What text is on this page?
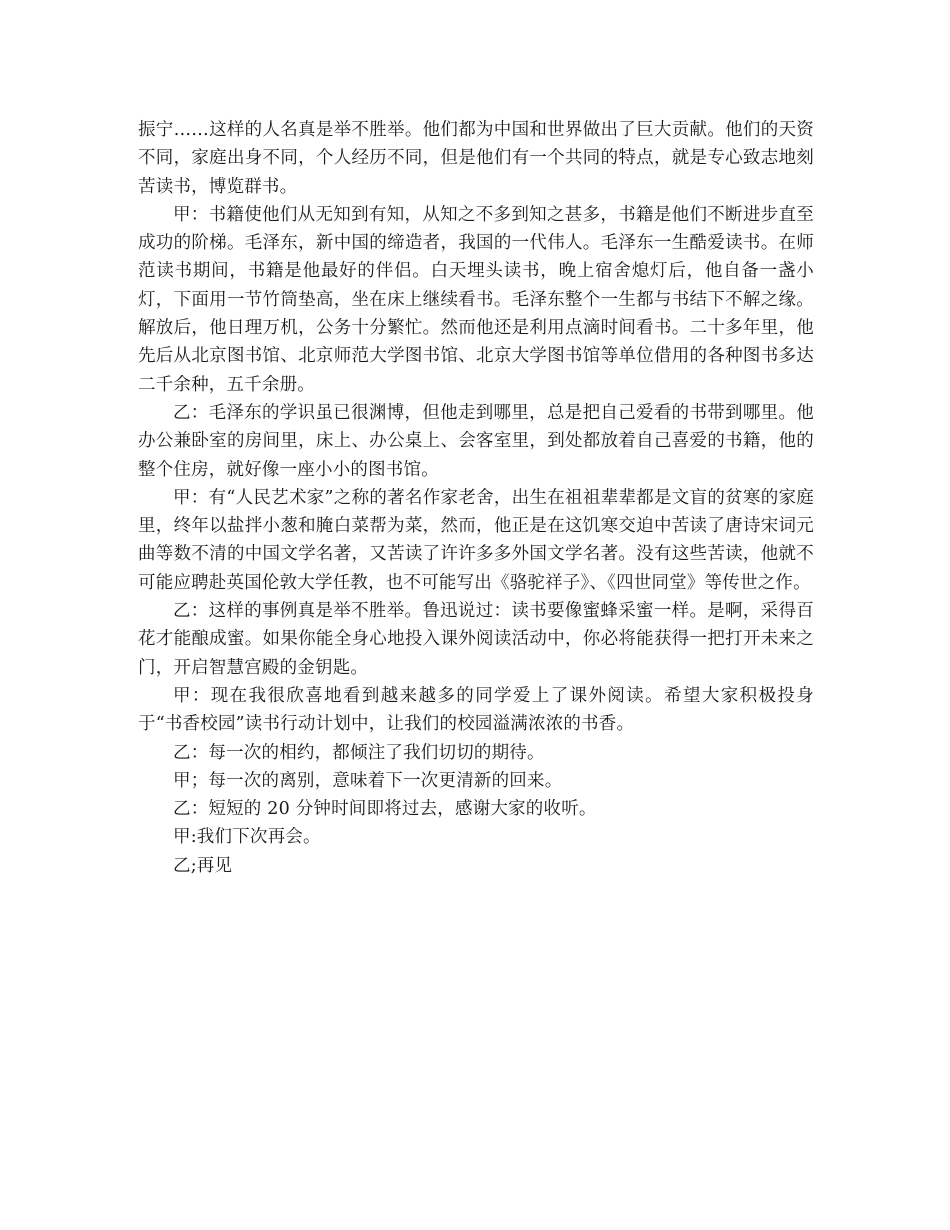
振宁……这样的人名真是举不胜举。他们都为中国和世界做出了巨大贡献。他们的天资不同，家庭出身不同，个人经历不同，但是他们有一个共同的特点，就是专心致志地刻苦读书，博览群书。

甲：书籍使他们从无知到有知，从知之不多到知之甚多，书籍是他们不断进步直至成功的阶梯。毛泽东，新中国的缔造者，我国的一代伟人。毛泽东一生酷爱读书。在师范读书期间，书籍是他最好的伴侣。白天埋头读书，晚上宿舍熄灯后，他自备一盏小灯，下面用一节竹筒垫高，坐在床上继续看书。毛泽东整个一生都与书结下不解之缘。解放后，他日理万机，公务十分繁忙。然而他还是利用点滴时间看书。二十多年里，他先后从北京图书馆、北京师范大学图书馆、北京大学图书馆等单位借用的各种图书多达二千余种，五千余册。

乙：毛泽东的学识虽已很渊博，但他走到哪里，总是把自己爱看的书带到哪里。他办公兼卧室的房间里，床上、办公桌上、会客室里，到处都放着自己喜爱的书籍，他的整个住房，就好像一座小小的图书馆。

甲：有“人民艺术家”之称的著名作家老舍，出生在祖祖辈辈都是文盲的贫寒的家庭里，终年以盐拌小葱和腌白菜帮为菜，然而，他正是在这饥寒交迫中苦读了唐诗宋词元曲等数不清的中国文学名著，又苦读了许许多多外国文学名著。没有这些苦读，他就不可能应聘赴英国伦敦大学任教，也不可能写出《骆驼祥子》、《四世同堂》等传世之作。

乙：这样的事例真是举不胜举。鲁迅说过：读书要像蜜蜂采蜜一样。是啊，采得百花才能酿成蜜。如果你能全身心地投入课外阅读活动中，你必将能获得一把打开未来之门，开启智慧宫殿的金钥匙。

甲：现在我很欣喜地看到越来越多的同学爱上了课外阅读。希望大家积极投身于“书香校园”读书行动计划中，让我们的校园溢满浓浓的书香。

乙：每一次的相约，都倾注了我们切切的期待。

甲；每一次的离别，意味着下一次更清新的回来。

乙：短短的 20 分钟时间即将过去，感谢大家的收听。

甲:我们下次再会。

乙;再见
